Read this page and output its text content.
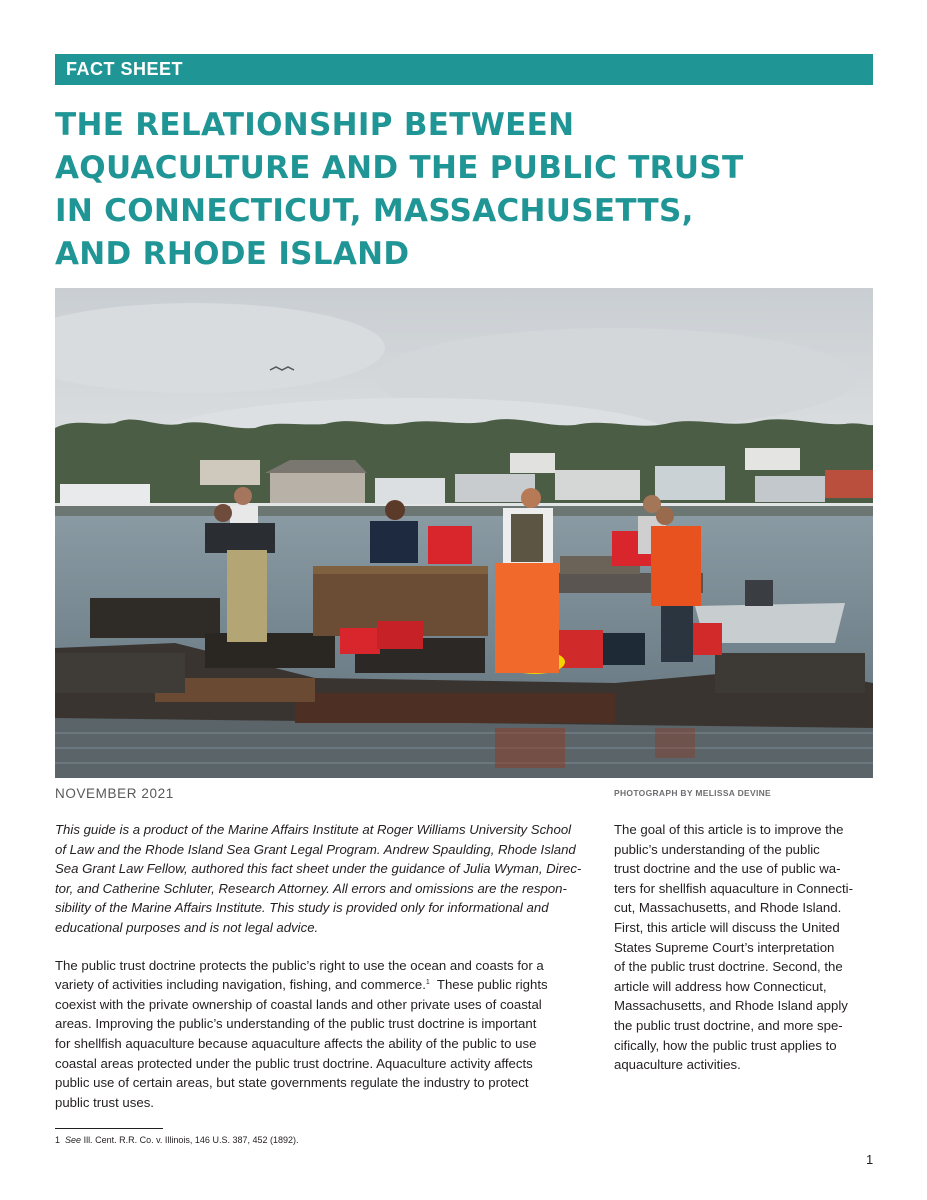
FACT SHEET
THE RELATIONSHIP BETWEEN
AQUACULTURE AND THE PUBLIC TRUST
IN CONNECTICUT, MASSACHUSETTS,
AND RHODE ISLAND
NOVEMBER 2021	PHOTOGRAPH BY MELISSA DEVINE

This guide is a product of the Marine Affairs Institute at Roger Williams University School
of Law and the Rhode Island Sea Grant Legal Program. Andrew Spaulding, Rhode Island
Sea Grant Law Fellow, authored this fact sheet under the guidance of Julia Wyman, Direc-
tor, and Catherine Schluter, Research Attorney. All errors and omissions are the respon-
sibility of the Marine Affairs Institute. This study is provided only for informational and
educational purposes and is not legal advice.

The public trust doctrine protects the public’s right to use the ocean and coasts for a
variety of activities including navigation, fishing, and commerce.$^1$ These public rights
coexist with the private ownership of coastal lands and other private uses of coastal
areas. Improving the public’s understanding of the public trust doctrine is important
for shellfish aquaculture because aquaculture affects the ability of the public to use
coastal areas protected under the public trust doctrine. Aquaculture activity affects
public use of certain areas, but state governments regulate the industry to protect
public trust uses.

The goal of this article is to improve the
public’s understanding of the public
trust doctrine and the use of public wa-
ters for shellfish aquaculture in Connecti-
cut, Massachusetts, and Rhode Island.
First, this article will discuss the United
States Supreme Court’s interpretation
of the public trust doctrine. Second, the
article will address how Connecticut,
Massachusetts, and Rhode Island apply
the public trust doctrine, and more spe-
cifically, how the public trust applies to
aquaculture activities.

1 See Ill. Cent. R.R. Co. v. Illinois, 146 U.S. 387, 452 (1892).
1
